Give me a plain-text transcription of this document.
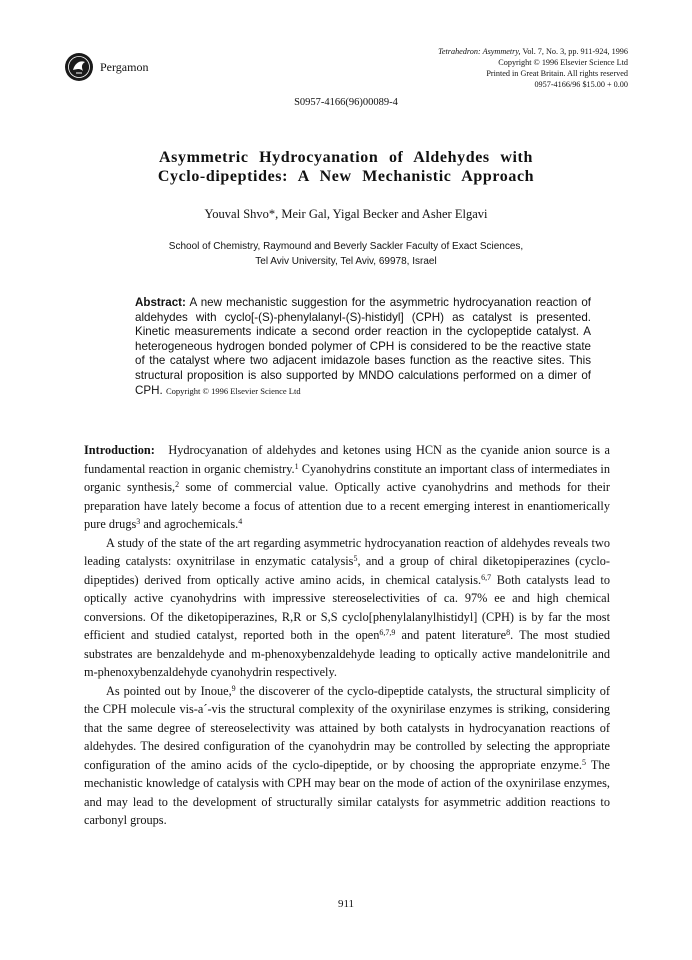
Pergamon
Tetrahedron: Asymmetry, Vol. 7, No. 3, pp. 911-924, 1996
Copyright © 1996 Elsevier Science Ltd
Printed in Great Britain. All rights reserved
0957-4166/96 $15.00 + 0.00
S0957-4166(96)00089-4
Asymmetric Hydrocyanation of Aldehydes with
Cyclo-dipeptides: A New Mechanistic Approach
Youval Shvo*, Meir Gal, Yigal Becker and Asher Elgavi
School of Chemistry, Raymound and Beverly Sackler Faculty of Exact Sciences,
Tel Aviv University, Tel Aviv, 69978, Israel
Abstract: A new mechanistic suggestion for the asymmetric hydrocyanation reaction of aldehydes with cyclo[-(S)-phenylalanyl-(S)-histidyl] (CPH) as catalyst is presented. Kinetic measurements indicate a second order reaction in the cyclopeptide catalyst. A heterogeneous hydrogen bonded polymer of CPH is considered to be the reactive state of the catalyst where two adjacent imidazole bases function as the reactive sites. This structural proposition is also supported by MNDO calculations performed on a dimer of CPH. Copyright © 1996 Elsevier Science Ltd

Introduction: Hydrocyanation of aldehydes and ketones using HCN as the cyanide anion source is a fundamental reaction in organic chemistry.$^1$ Cyanohydrins constitute an important class of intermediates in organic synthesis,$^2$ some of commercial value. Optically active cyanohydrins and methods for their preparation have lately become a focus of attention due to a recent emerging interest in enantiomerically pure drugs$^3$ and agrochemicals.$^4$

A study of the state of the art regarding asymmetric hydrocyanation reaction of aldehydes reveals two leading catalysts: oxynitrilase in enzymatic catalysis$^5$, and a group of chiral diketopiperazines (cyclo-dipeptides) derived from optically active amino acids, in chemical catalysis.$^{6,7}$ Both catalysts lead to optically active cyanohydrins with impressive stereoselectivities of ca. 97% ee and high chemical conversions. Of the diketopiperazines, R,R or S,S cyclo[phenylalanylhistidyl] (CPH) is by far the most efficient and studied catalyst, reported both in the open$^{6,7,9}$ and patent literature$^8$. The most studied substrates are benzaldehyde and m-phenoxybenzaldehyde leading to optically active mandelonitrile and m-phenoxybenzaldehyde cyanohydrin respectively.

As pointed out by Inoue,$^9$ the discoverer of the cyclo-dipeptide catalysts, the structural simplicity of the CPH molecule vis-a´-vis the structural complexity of the oxynirilase enzymes is striking, considering that the same degree of stereoselectivity was attained by both catalysts in hydrocyanation reactions of aldehydes. The desired configuration of the cyanohydrin may be controlled by selecting the appropriate configuration of the amino acids of the cyclo-dipeptide, or by choosing the appropriate enzyme.$^5$ The mechanistic knowledge of catalysis with CPH may bear on the mode of action of the oxynirilase enzymes, and may lead to the development of structurally similar catalysts for asymmetric addition reactions to carbonyl groups.

911
